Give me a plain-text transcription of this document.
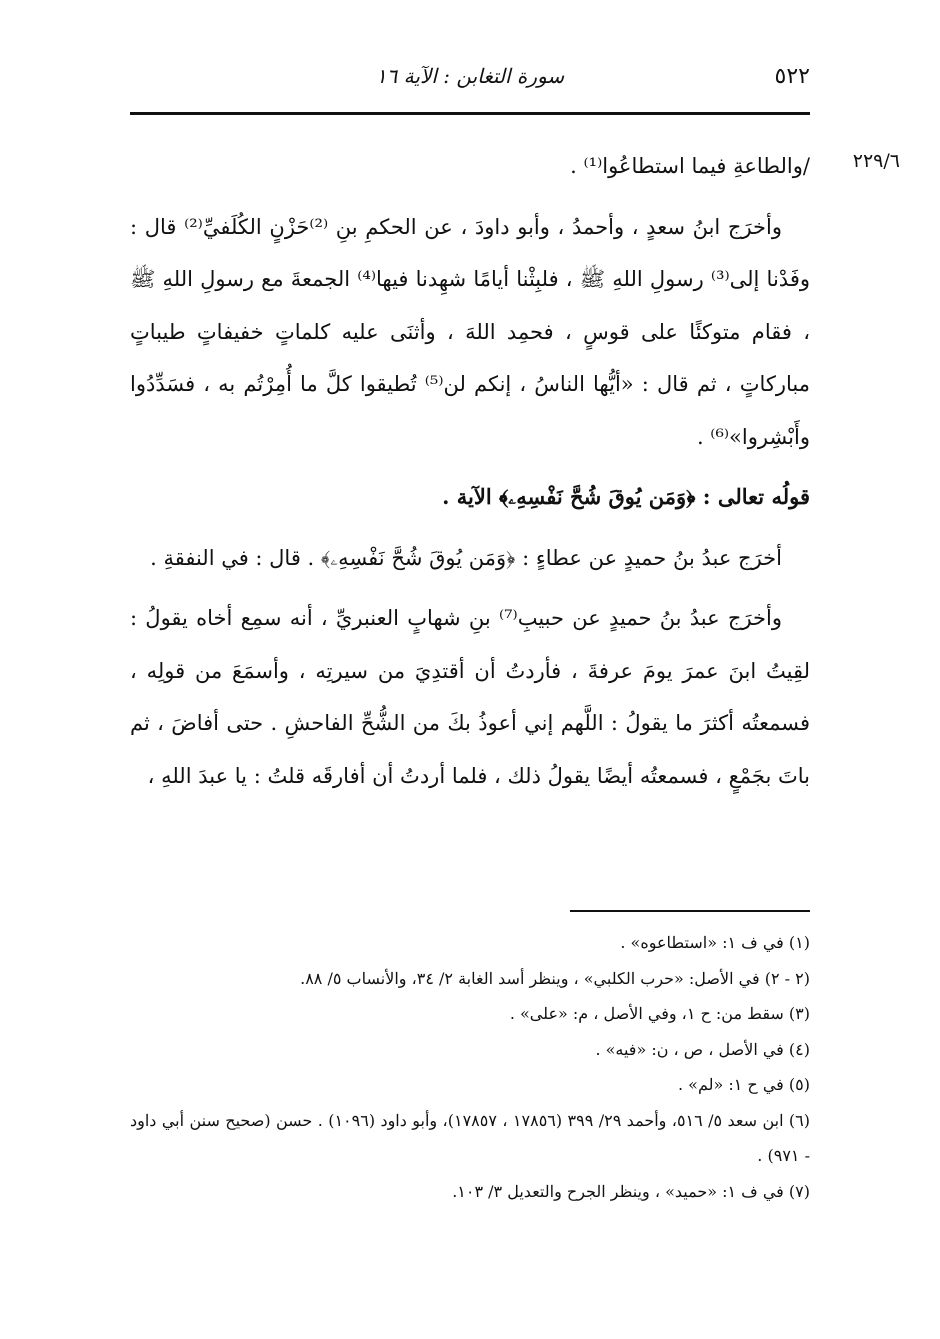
٥٢٢
سورة التغابن : الآية ١٦
٢٢٩/٦

/والطاعةِ فيما استطاعُوا⁽¹⁾ .

وأخرَج ابنُ سعدٍ ، وأحمدُ ، وأبو داودَ ، عن الحكمِ بنِ ⁽²⁾حَزْنٍ الكُلَفيِّ⁽²⁾ قال : وفَدْنا إلى⁽³⁾ رسولِ اللهِ ﷺ ، فلبِثْنا أيامًا شهِدنا فيها⁽⁴⁾ الجمعةَ مع رسولِ اللهِ ﷺ ، فقام متوكئًا على قوسٍ ، فحمِد اللهَ ، وأثنَى عليه كلماتٍ خفيفاتٍ طيباتٍ مباركاتٍ ، ثم قال : «أيُّها الناسُ ، إنكم لن⁽⁵⁾ تُطيقوا كلَّ ما أُمِرْتُم به ، فسَدِّدُوا وأَبْشِروا»⁽⁶⁾ .

قولُه تعالى : ﴿وَمَن يُوقَ شُحَّ نَفْسِهِۦ﴾ الآية .

أخرَج عبدُ بنُ حميدٍ عن عطاءٍ : ﴿وَمَن يُوقَ شُحَّ نَفْسِهِۦ﴾ . قال : في النفقةِ .

وأخرَج عبدُ بنُ حميدٍ عن حبيبِ⁽⁷⁾ بنِ شهابٍ العنبريِّ ، أنه سمِع أخاه يقولُ : لقِيتُ ابنَ عمرَ يومَ عرفةَ ، فأردتُ أن أقتدِيَ من سيرتِه ، وأسمَعَ من قولِه ، فسمعتُه أكثرَ ما يقولُ : اللَّهم إني أعوذُ بكَ من الشُّحِّ الفاحشِ . حتى أفاضَ ، ثم باتَ بجَمْعٍ ، فسمعتُه أيضًا يقولُ ذلك ، فلما أردتُ أن أفارقَه قلتُ : يا عبدَ اللهِ ،

(١) في ف ١: «استطاعوه» .

(٢ - ٢) في الأصل: «حرب الكلبي» ، وينظر أسد الغابة ٢/ ٣٤، والأنساب ٥/ ٨٨.

(٣) سقط من: ح ١، وفي الأصل ، م: «على» .

(٤) في الأصل ، ص ، ن: «فيه» .

(٥) في ح ١: «لم» .

(٦) ابن سعد ٥/ ٥١٦، وأحمد ٢٩/ ٣٩٩ (١٧٨٥٦ ، ١٧٨٥٧)، وأبو داود (١٠٩٦) . حسن (صحيح سنن أبي داود - ٩٧١) .

(٧) في ف ١: «حميد» ، وينظر الجرح والتعديل ٣/ ١٠٣.
